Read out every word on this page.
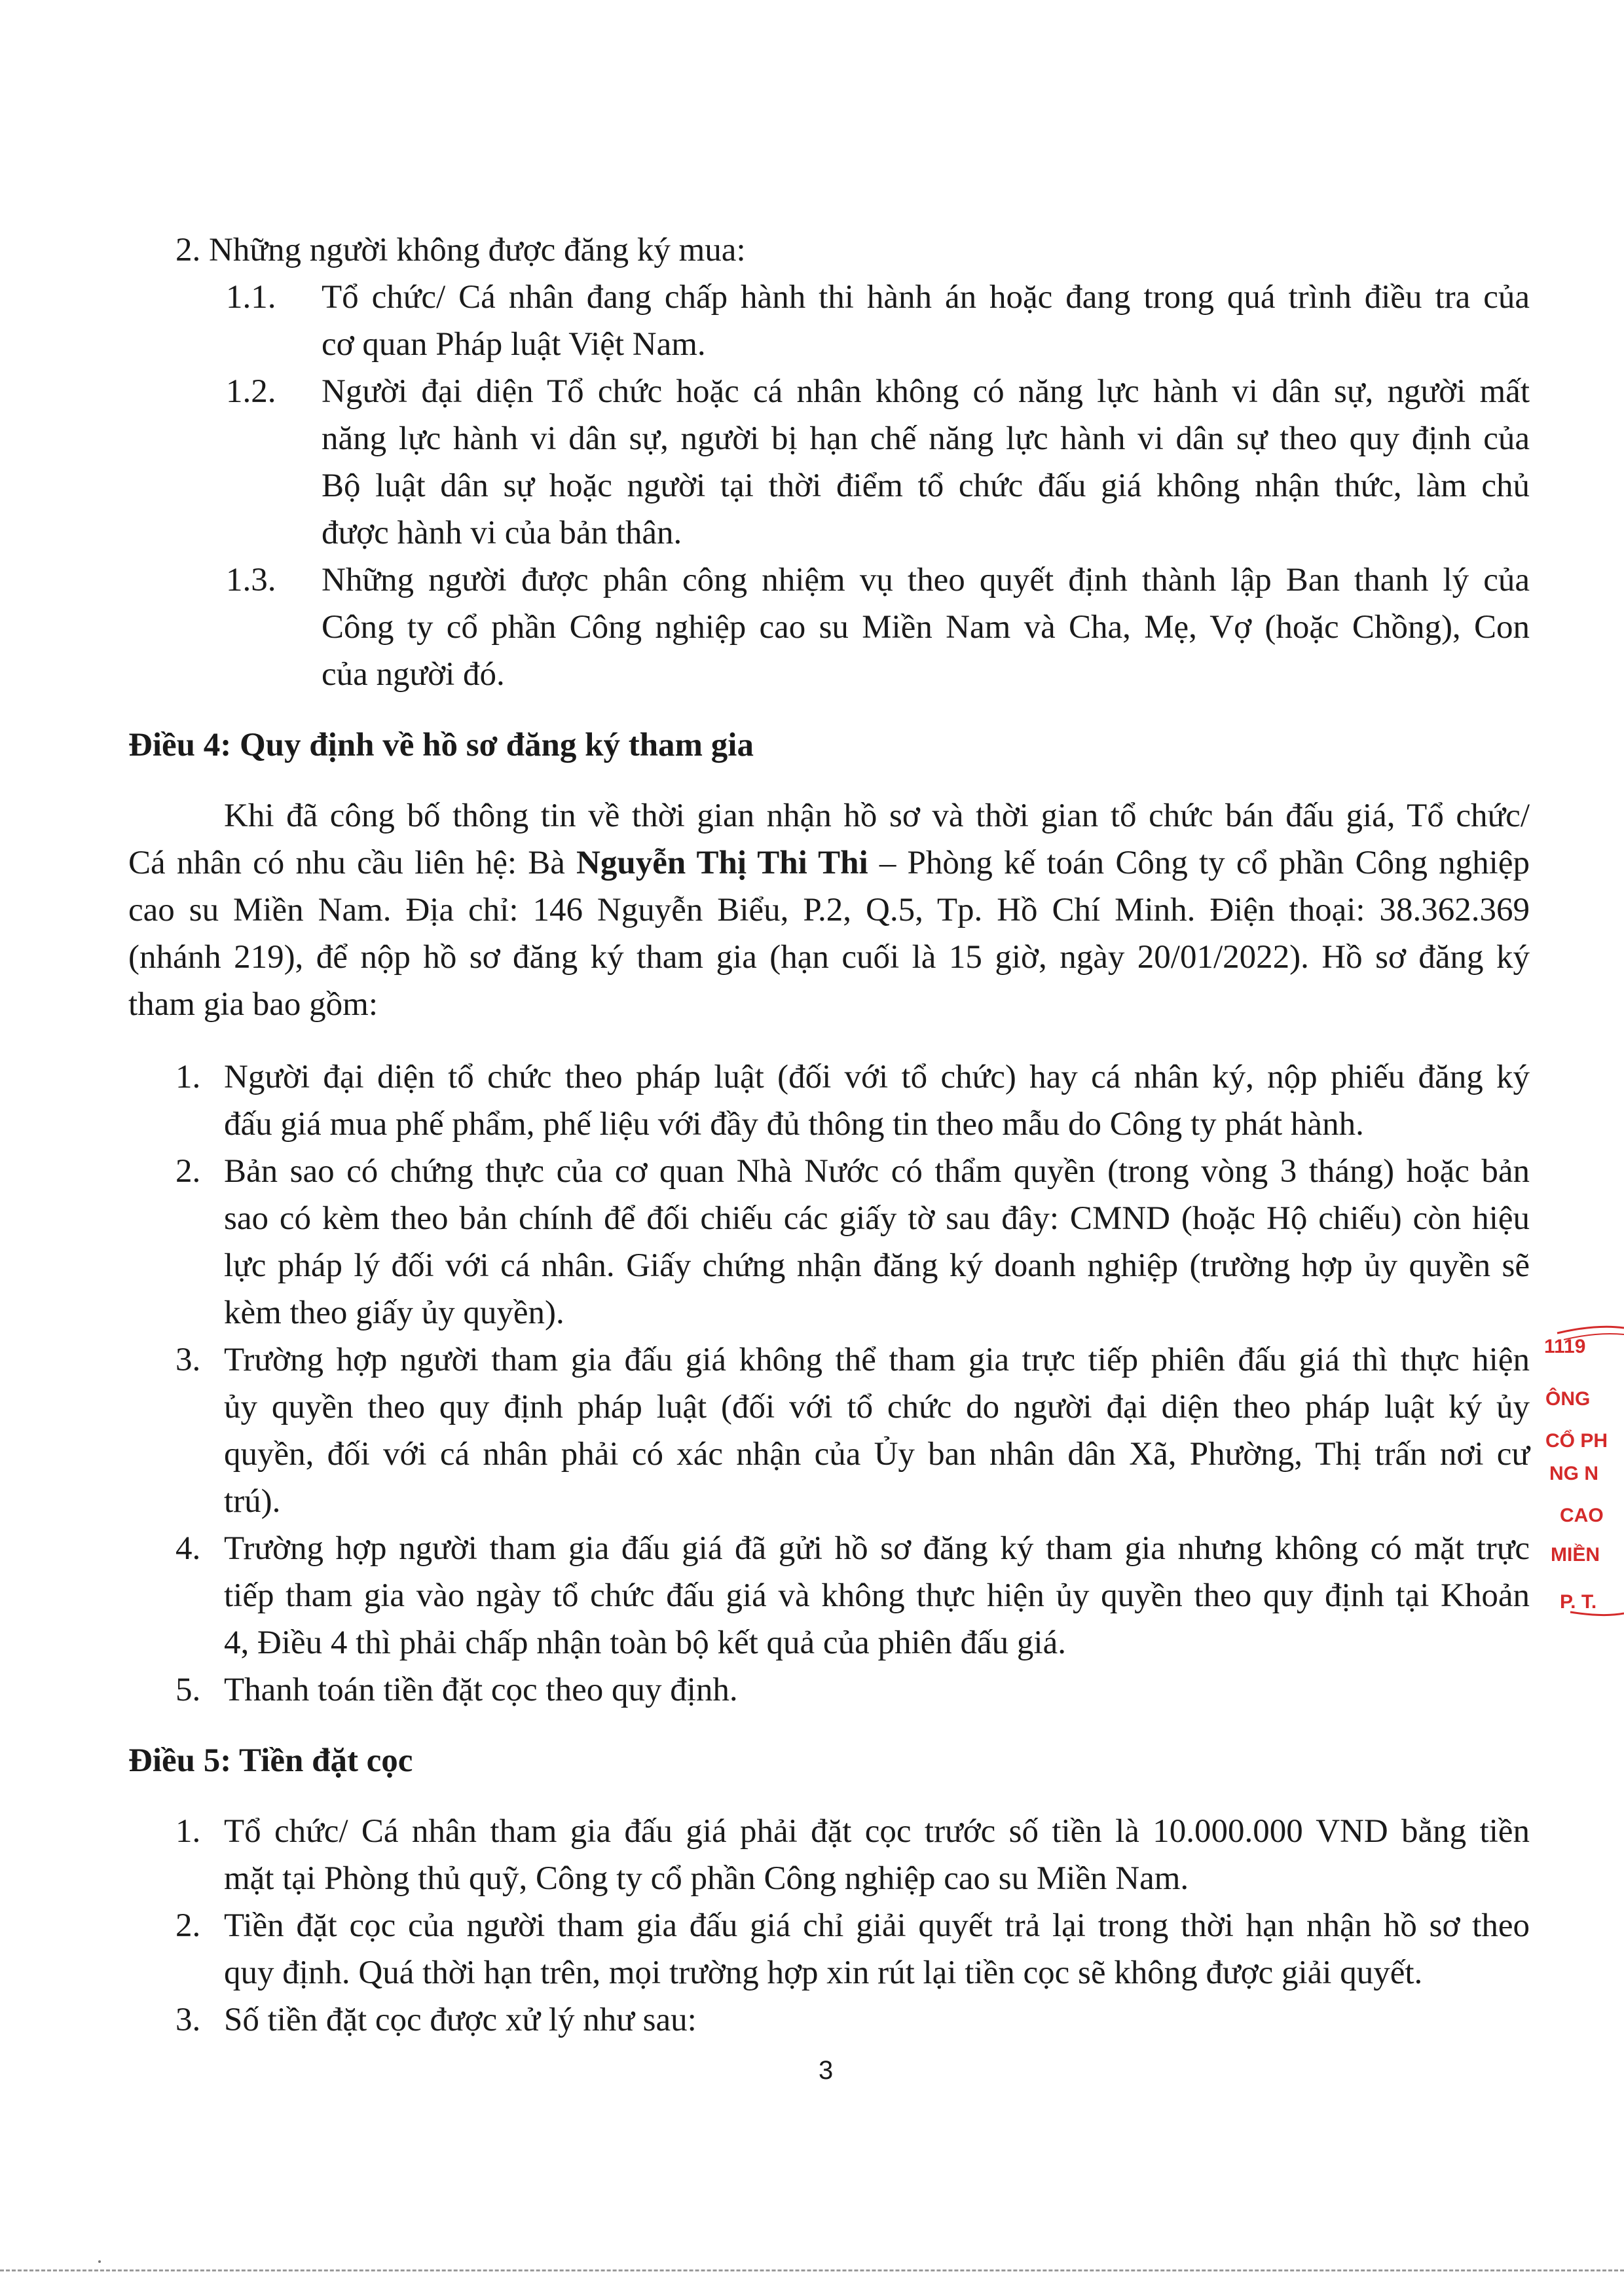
2. Những người không được đăng ký mua:
1.1. Tổ chức/ Cá nhân đang chấp hành thi hành án hoặc đang trong quá trình điều tra của
cơ quan Pháp luật Việt Nam.
1.2. Người đại diện Tổ chức hoặc cá nhân không có năng lực hành vi dân sự, người mất
năng lực hành vi dân sự, người bị hạn chế năng lực hành vi dân sự theo quy định của
Bộ luật dân sự hoặc người tại thời điểm tổ chức đấu giá không nhận thức, làm chủ
được hành vi của bản thân.
1.3. Những người được phân công nhiệm vụ theo quyết định thành lập Ban thanh lý của
Công ty cổ phần Công nghiệp cao su Miền Nam và Cha, Mẹ, Vợ (hoặc Chồng), Con
của người đó.
Điều 4: Quy định về hồ sơ đăng ký tham gia
Khi đã công bố thông tin về thời gian nhận hồ sơ và thời gian tổ chức bán đấu giá, Tổ chức/
Cá nhân có nhu cầu liên hệ: Bà Nguyễn Thị Thi Thi – Phòng kế toán Công ty cổ phần Công nghiệp
cao su Miền Nam. Địa chỉ: 146 Nguyễn Biểu, P.2, Q.5, Tp. Hồ Chí Minh. Điện thoại: 38.362.369
(nhánh 219), để nộp hồ sơ đăng ký tham gia (hạn cuối là 15 giờ, ngày 20/01/2022). Hồ sơ đăng ký
tham gia bao gồm:
1. Người đại diện tổ chức theo pháp luật (đối với tổ chức) hay cá nhân ký, nộp phiếu đăng ký
đấu giá mua phế phẩm, phế liệu với đầy đủ thông tin theo mẫu do Công ty phát hành.
2. Bản sao có chứng thực của cơ quan Nhà Nước có thẩm quyền (trong vòng 3 tháng) hoặc bản
sao có kèm theo bản chính để đối chiếu các giấy tờ sau đây: CMND (hoặc Hộ chiếu) còn hiệu
lực pháp lý đối với cá nhân. Giấy chứng nhận đăng ký doanh nghiệp (trường hợp ủy quyền sẽ
kèm theo giấy ủy quyền).
3. Trường hợp người tham gia đấu giá không thể tham gia trực tiếp phiên đấu giá thì thực hiện
ủy quyền theo quy định pháp luật (đối với tổ chức do người đại diện theo pháp luật ký ủy
quyền, đối với cá nhân phải có xác nhận của Ủy ban nhân dân Xã, Phường, Thị trấn nơi cư
trú).
4. Trường hợp người tham gia đấu giá đã gửi hồ sơ đăng ký tham gia nhưng không có mặt trực
tiếp tham gia vào ngày tổ chức đấu giá và không thực hiện ủy quyền theo quy định tại Khoản
4, Điều 4 thì phải chấp nhận toàn bộ kết quả của phiên đấu giá.
5. Thanh toán tiền đặt cọc theo quy định.
Điều 5: Tiền đặt cọc
1. Tổ chức/ Cá nhân tham gia đấu giá phải đặt cọc trước số tiền là 10.000.000 VND bằng tiền
mặt tại Phòng thủ quỹ, Công ty cổ phần Công nghiệp cao su Miền Nam.
2. Tiền đặt cọc của người tham gia đấu giá chỉ giải quyết trả lại trong thời hạn nhận hồ sơ theo
quy định. Quá thời hạn trên, mọi trường hợp xin rút lại tiền cọc sẽ không được giải quyết.
3. Số tiền đặt cọc được xử lý như sau:
3
1119
ÔNG
CỔ PH
NG N
CAO
MIỀN
P. T.
